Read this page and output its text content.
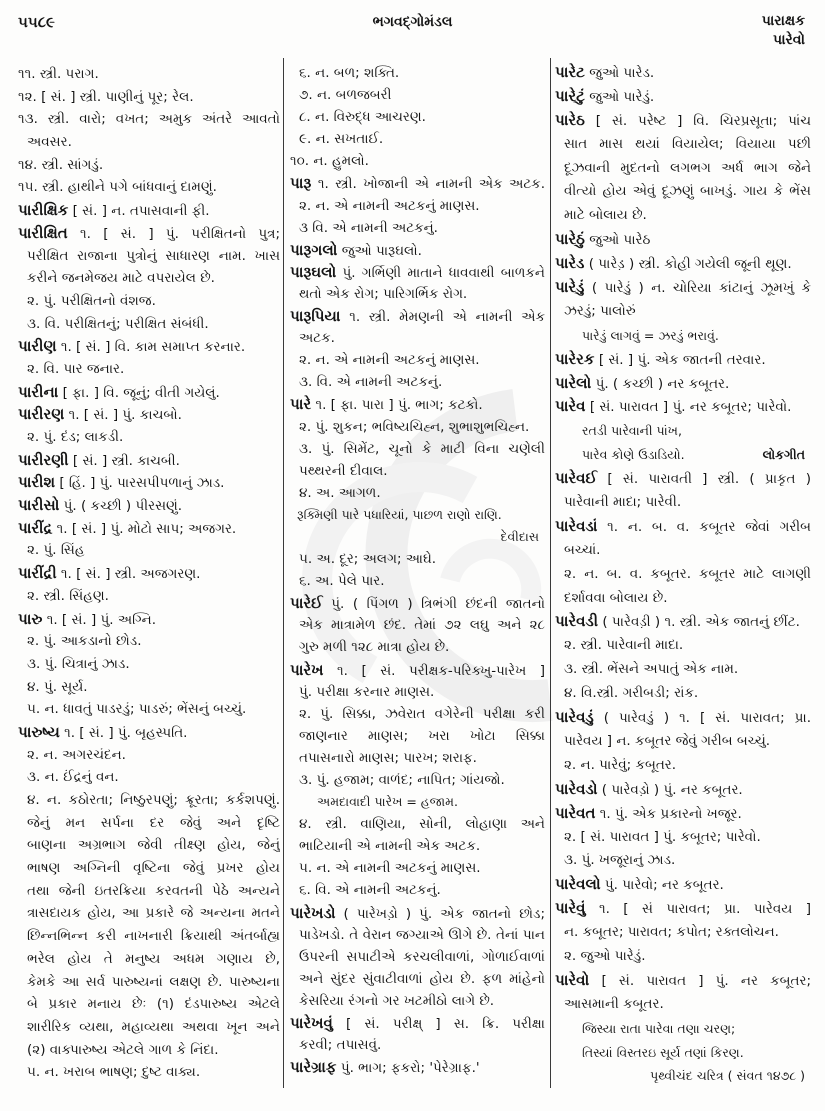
૫૫૮૯	ભગવદ્ગોમંડલ	પારાક્ષક
પારેવો
૧૧. સ્ત્રી. પરાગ.
૧૨. [ સં. ] સ્ત્રી. પાણીનું પૂર; રેલ.
૧૩. સ્ત્રી. વારો; વખત; અમુક અંતરે આવતો
અવસર.
૧૪. સ્ત્રી. સાંગડું.
૧૫. સ્ત્રી. હાથીને પગે બાંધવાનું દામણું.
પારીક્ષિક [ સં. ] ન. તપાસવાની ફી.
પારીક્ષિત ૧. [ સં. ] પું. પરીક્ષિતનો પુત્ર;
પરીક્ષિત રાજાના પુત્રોનું સાધારણ નામ. ખાસ
કરીને જનમેજય માટે વપરાયેલ છે.
૨. પું. પરીક્ષિતનો વંશજ.
૩. વિ. પરીક્ષિતનું; પરીક્ષિત સંબંધી.
પારીણ ૧. [ સં. ] વિ. કામ સમાપ્ત કરનાર.
૨. વિ. પાર જનાર.
પારીના [ ફા. ] વિ. જૂનું; વીતી ગયેલું.
પારીરણ ૧. [ સં. ] પું. કાચબો.
૨. પું. દંડ; લાકડી.
પારીરણી [ સં. ] સ્ત્રી. કાચબી.
પારીશ [ હિં. ] પું. પારસપીપળાનું ઝાડ.
પારીસો પું. ( કચ્છી ) પીરસણું.
પારીંદ્ર ૧. [ સં. ] પું. મોટો સાપ; અજગર.
૨. પું. સિંહ
પારીંદ્રી ૧. [ સં. ] સ્ત્રી. અજગરણ.
૨. સ્ત્રી. સિંહણ.
પારુ ૧. [ સં. ] પું. અગ્નિ.
૨. પું. આકડાનો છોડ.
૩. પું. ચિત્રાનું ઝાડ.
૪. પું. સૂર્ય.
૫. ન. ધાવતું પાડરડું; પાડરું; ભેંસનું બચ્ચું.
પારુષ્ય ૧. [ સં. ] પું. બૃહસ્પતિ.
૨. ન. અગરચંદન.
૩. ન. ઈંદ્રનું વન.
૪. ન. કઠોરતા; નિષ્ઠુરપણું; ક્રૂરતા; કર્કશપણું.
જેનું મન સર્પના દર જેવું અને દૃષ્ટિ
બાણના અગ્રભાગ જેવી તીક્ષ્ણ હોય, જેનું
ભાષણ અગ્નિની વૃષ્ટિના જેવું પ્રખર હોય
તથા જેની ઇતરક્રિયા કરવતની પેઠે અન્યને
ત્રાસદાયક હોય, આ પ્રકારે જે અન્યના મતને
છિન્નભિન્ન કરી નાખનારી ક્રિયાથી અંતર્બાહ્ય
ભરેલ હોય તે મનુષ્ય અધમ ગણાય છે,
કેમકે આ સર્વ પારુષ્યનાં લક્ષણ છે. પારુષ્યના
બે પ્રકાર મનાય છેઃ (૧) દંડપારુષ્ય એટલે
શારીરિક વ્યથા, મહાવ્યથા અથવા ખૂન અને
(૨) વાક્પારુષ્ય એટલે ગાળ કે નિંદા.
૫. ન. ખરાબ ભાષણ; દુષ્ટ વાક્ય.
૬. ન. બળ; શક્તિ.
૭. ન. બળજબરી
૮. ન. વિરુદ્ધ આચરણ.
૯. ન. સખતાઈ.
૧૦. ન. હુમલો.
પારૂ ૧. સ્ત્રી. ખોજાની એ નામની એક અટક.
૨. ન. એ નામની અટકનું માણસ.
૩ વિ. એ નામની અટકનું.
પારૂગલો જુઓ પારૂઘલો.
પારૂઘલો પું. ગર્ભિણી માતાને ધાવવાથી બાળકને
થતો એક રોગ; પારિગર્ભિક રોગ.
પારૂપિયા ૧. સ્ત્રી. મેમણની એ નામની એક
અટક.
૨. ન. એ નામની અટકનું માણસ.
૩. વિ. એ નામની અટકનું.
પારે ૧. [ ફા. પારા ] પું. ભાગ; કટકો.
૨. પું. શુકન; ભવિષ્યચિહ્ન, શુભાશુભચિહ્ન.
૩. પું. સિમેંટ, ચૂનો કે માટી વિના ચણેલી
પથ્થરની દીવાલ.
૪. અ. આગળ.
રૂક્મિણી પારે પધારિયાં, પાછળ રાણો રાણિ.
દેવીદાસ
૫. અ. દૂર; અલગ; આઘે.
૬. અ. પેલે પાર.
પારેઈ પું. ( પિંગળ ) ત્રિભંગી છંદની જાતનો
એક માત્રામેળ છંદ. તેમાં ૭૨ લઘુ અને ૨૮
ગુરુ મળી ૧૨૮ માત્રા હોય છે.
પારેખ ૧. [ સં. પરીક્ષક-પરિક્ખુ-પારેખ ]
પું. પરીક્ષા કરનાર માણસ.
૨. પું. સિક્કા, ઝવેરાત વગેરેની પરીક્ષા કરી
જાણનાર માણસ; ખરા ખોટા સિક્કા
તપાસનારો માણસ; પારખ; શરાફ.
૩. પું. હજામ; વાળંદ; નાપિત; ગાંયજો.
અમદાવાદી પારેખ = હજામ.
૪. સ્ત્રી. વાણિયા, સોની, લોહાણા અને
ભાટિયાની એ નામની એક અટક.
૫. ન. એ નામની અટકનું માણસ.
૬. વિ. એ નામની અટકનું.
પારેખડો ( પારેખડ઼ો ) પું. એક જાતનો છોડ;
પાડેખડો. તે વેરાન જગ્યાએ ઊગે છે. તેનાં પાન
ઉપરની સપાટીએ કરચલીવાળાં, ગોળાઈવાળાં
અને સુંદર સુંવાટીવાળાં હોય છે. ફળ માંહેનો
કેસરિયા રંગનો ગર ખટમીઠો લાગે છે.
પારેખવું [ સં. પરીક્ષ્ ] સ. ક્રિ. પરીક્ષા
કરવી; તપાસવું.
પારેગ્રાફ પું. ભાગ; ફકરો; 'પેરેગ્રાફ.'
પારેટ જુઓ પારેડ.
પારેટું જુઓ પારેડું.
પારેઠ [ સં. પરેષ્ટ ] વિ. ચિરપ્રસૂતા; પાંચ
સાત માસ થયાં વિયાયેલ; વિયાયા પછી
દૂઝવાની મુદતનો લગભગ અર્ધ ભાગ જેને
વીત્યો હોય એવું દૂઝણું બાખડું. ગાય કે ભેંસ
માટે બોલાય છે.
પારેઠું જુઓ પારેઠ
પારેડ ( પારેડ઼ ) સ્ત્રી. કોહી ગયેલી જૂની થૂણ.
પારેડું ( પારેડ઼ું ) ન. ચોરિયા કાંટાનું ઝૂમખું કે
ઝરડું; પાલોરું
પારેડું લાગવું = ઝરડું ભરાવું.
પારેરક [ સં. ] પું. એક જાતની તરવાર.
પારેલો પું. ( કચ્છી ) નર કબૂતર.
પારેવ [ સં. પારાવત ] પું. નર કબૂતર; પારેવો.
રતડી પારેવાની પાંખ,
પારેવ કોણે ઉડાડિયો.	લોકગીત
પારેવઈ [ સં. પારાવતી ] સ્ત્રી. ( પ્રાકૃત )
પારેવાની માદા; પારેવી.
પારેવડાં ૧. ન. બ. વ. કબૂતર જેવાં ગરીબ
બચ્ચાં.
૨. ન. બ. વ. કબૂતર. કબૂતર માટે લાગણી
દર્શાવવા બોલાય છે.
પારેવડી ( પારેવડ઼ી ) ૧. સ્ત્રી. એક જાતનું છીંટ.
૨. સ્ત્રી. પારેવાની માદા.
૩. સ્ત્રી. ભેંસને અપાતું એક નામ.
૪. વિ.સ્ત્રી. ગરીબડી; રાંક.
પારેવડું ( પારેવડ઼ું ) ૧. [ સં. પારાવત; પ્રા.
પારેવય ] ન. કબૂતર જેવું ગરીબ બચ્ચું.
૨. ન. પારેવું; કબૂતર.
પારેવડો ( પારેવડ઼ો ) પું. નર કબૂતર.
પારેવત ૧. પું. એક પ્રકારનો ખજૂર.
૨. [ સં. પારાવત ] પું. કબૂતર; પારેવો.
૩. પું. ખજૂરાનું ઝાડ.
પારેવલો પું. પારેવો; નર કબૂતર.
પારેવું ૧. [ સં પારાવત; પ્રા. પારેવય ]
ન. કબૂતર; પારાવત; કપોત; રક્તલોચન.
૨. જુઓ પારેડું.
પારેવો [ સં. પારાવત ] પું. નર કબૂતર;
આસમાની કબૂતર.
જિસ્યા રાતા પારેવા તણા ચરણ;
તિસ્યાં વિસ્તરઇ સૂર્ય તણાં કિરણ.
પૃથ્વીચંદ ચરિત્ર ( સંવત ૧૪૭૮ )
